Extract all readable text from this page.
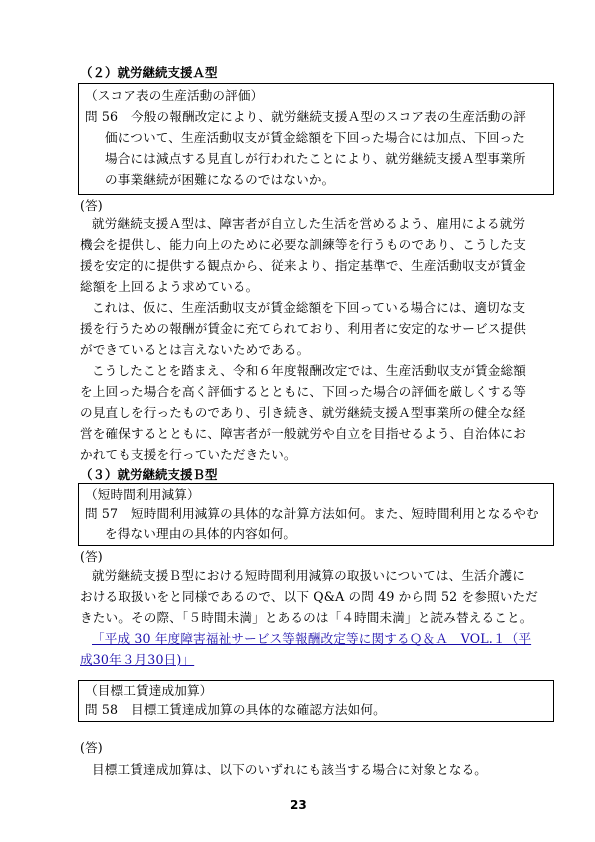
（２）就労継続支援Ａ型
（スコア表の生産活動の評価）
問 56　今般の報酬改定により、就労継続支援Ａ型のスコア表の生産活動の評
価について、生産活動収支が賃金総額を下回った場合には加点、下回った
場合には減点する見直しが行われたことにより、就労継続支援Ａ型事業所
の事業継続が困難になるのではないか。
(答)
就労継続支援Ａ型は、障害者が自立した生活を営めるよう、雇用による就労
機会を提供し、能力向上のために必要な訓練等を行うものであり、こうした支
援を安定的に提供する観点から、従来より、指定基準で、生産活動収支が賃金
総額を上回るよう求めている。
これは、仮に、生産活動収支が賃金総額を下回っている場合には、適切な支
援を行うための報酬が賃金に充てられており、利用者に安定的なサービス提供
ができているとは言えないためである。
こうしたことを踏まえ、令和６年度報酬改定では、生産活動収支が賃金総額
を上回った場合を高く評価するとともに、下回った場合の評価を厳しくする等
の見直しを行ったものであり、引き続き、就労継続支援Ａ型事業所の健全な経
営を確保するとともに、障害者が一般就労や自立を目指せるよう、自治体にお
かれても支援を行っていただきたい。
（３）就労継続支援Ｂ型
（短時間利用減算）
問 57　短時間利用減算の具体的な計算方法如何。また、短時間利用となるやむ
を得ない理由の具体的内容如何。
(答)
就労継続支援Ｂ型における短時間利用減算の取扱いについては、生活介護に
おける取扱いをと同様であるので、以下 Q&A の問 49 から問 52 を参照いただ
きたい。その際、「５時間未満」とあるのは「４時間未満」と読み替えること。
「平成 30 年度障害福祉サービス等報酬改定等に関するＱ＆Ａ　VOL.１（平
成30年３月30日)」
（目標工賃達成加算）
問 58　目標工賃達成加算の具体的な確認方法如何。
(答)
目標工賃達成加算は、以下のいずれにも該当する場合に対象となる。
23
